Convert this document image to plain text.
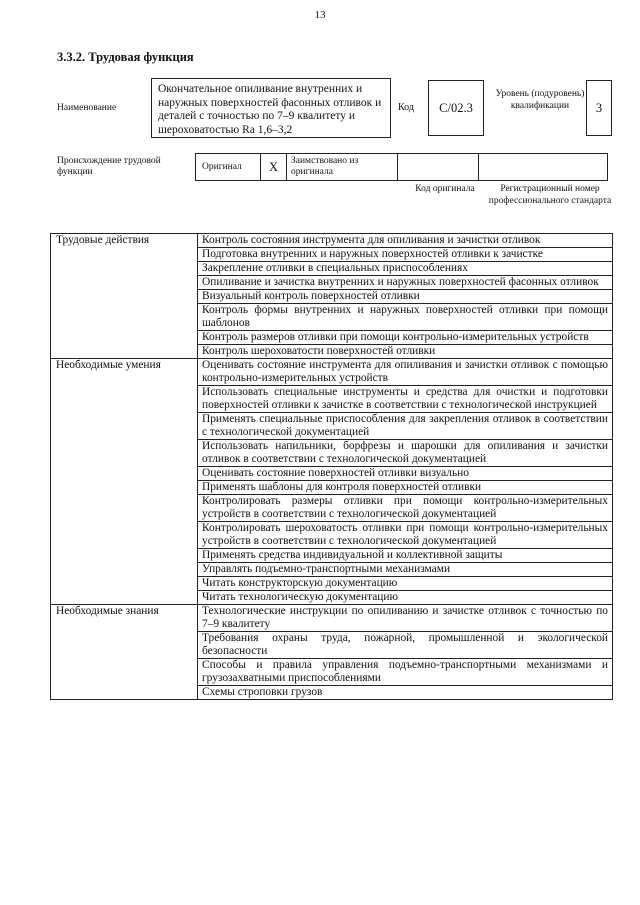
13
3.3.2. Трудовая функция
Наименование
Окончательное опиливание внутренних и наружных поверхностей фасонных отливок и деталей с точностью по 7–9 квалитету и шероховатостью Ra 1,6–3,2
Код	C/02.3
Уровень (подуровень) квалификации	3
Происхождение трудовой функции	Оригинал	X	Заимствовано из оригинала
Код оригинала	Регистрационный номер профессионального стандарта
Трудовые действия	Контроль состояния инструмента для опиливания и зачистки отливок
	Подготовка внутренних и наружных поверхностей отливки к зачистке
	Закрепление отливки в специальных приспособлениях
	Опиливание и зачистка внутренних и наружных поверхностей фасонных отливок
	Визуальный контроль поверхностей отливки
	Контроль формы внутренних и наружных поверхностей отливки при помощи шаблонов
	Контроль размеров отливки при помощи контрольно-измерительных устройств
	Контроль шероховатости поверхностей отливки
Необходимые умения	Оценивать состояние инструмента для опиливания и зачистки отливок с помощью контрольно-измерительных устройств
	Использовать специальные инструменты и средства для очистки и подготовки поверхностей отливки к зачистке в соответствии с технологической инструкцией
	Применять специальные приспособления для закрепления отливок в соответствии с технологической документацией
	Использовать напильники, борфрезы и шарошки для опиливания и зачистки отливок в соответствии с технологической документацией
	Оценивать состояние поверхностей отливки визуально
	Применять шаблоны для контроля поверхностей отливки
	Контролировать размеры отливки при помощи контрольно-измерительных устройств в соответствии с технологической документацией
	Контролировать шероховатость отливки при помощи контрольно-измерительных устройств в соответствии с технологической документацией
	Применять средства индивидуальной и коллективной защиты
	Управлять подъемно-транспортными механизмами
	Читать конструкторскую документацию
	Читать технологическую документацию
Необходимые знания	Технологические инструкции по опиливанию и зачистке отливок с точностью по 7–9 квалитету
	Требования охраны труда, пожарной, промышленной и экологической безопасности
	Способы и правила управления подъемно-транспортными механизмами и грузозахватными приспособлениями
	Схемы строповки грузов
